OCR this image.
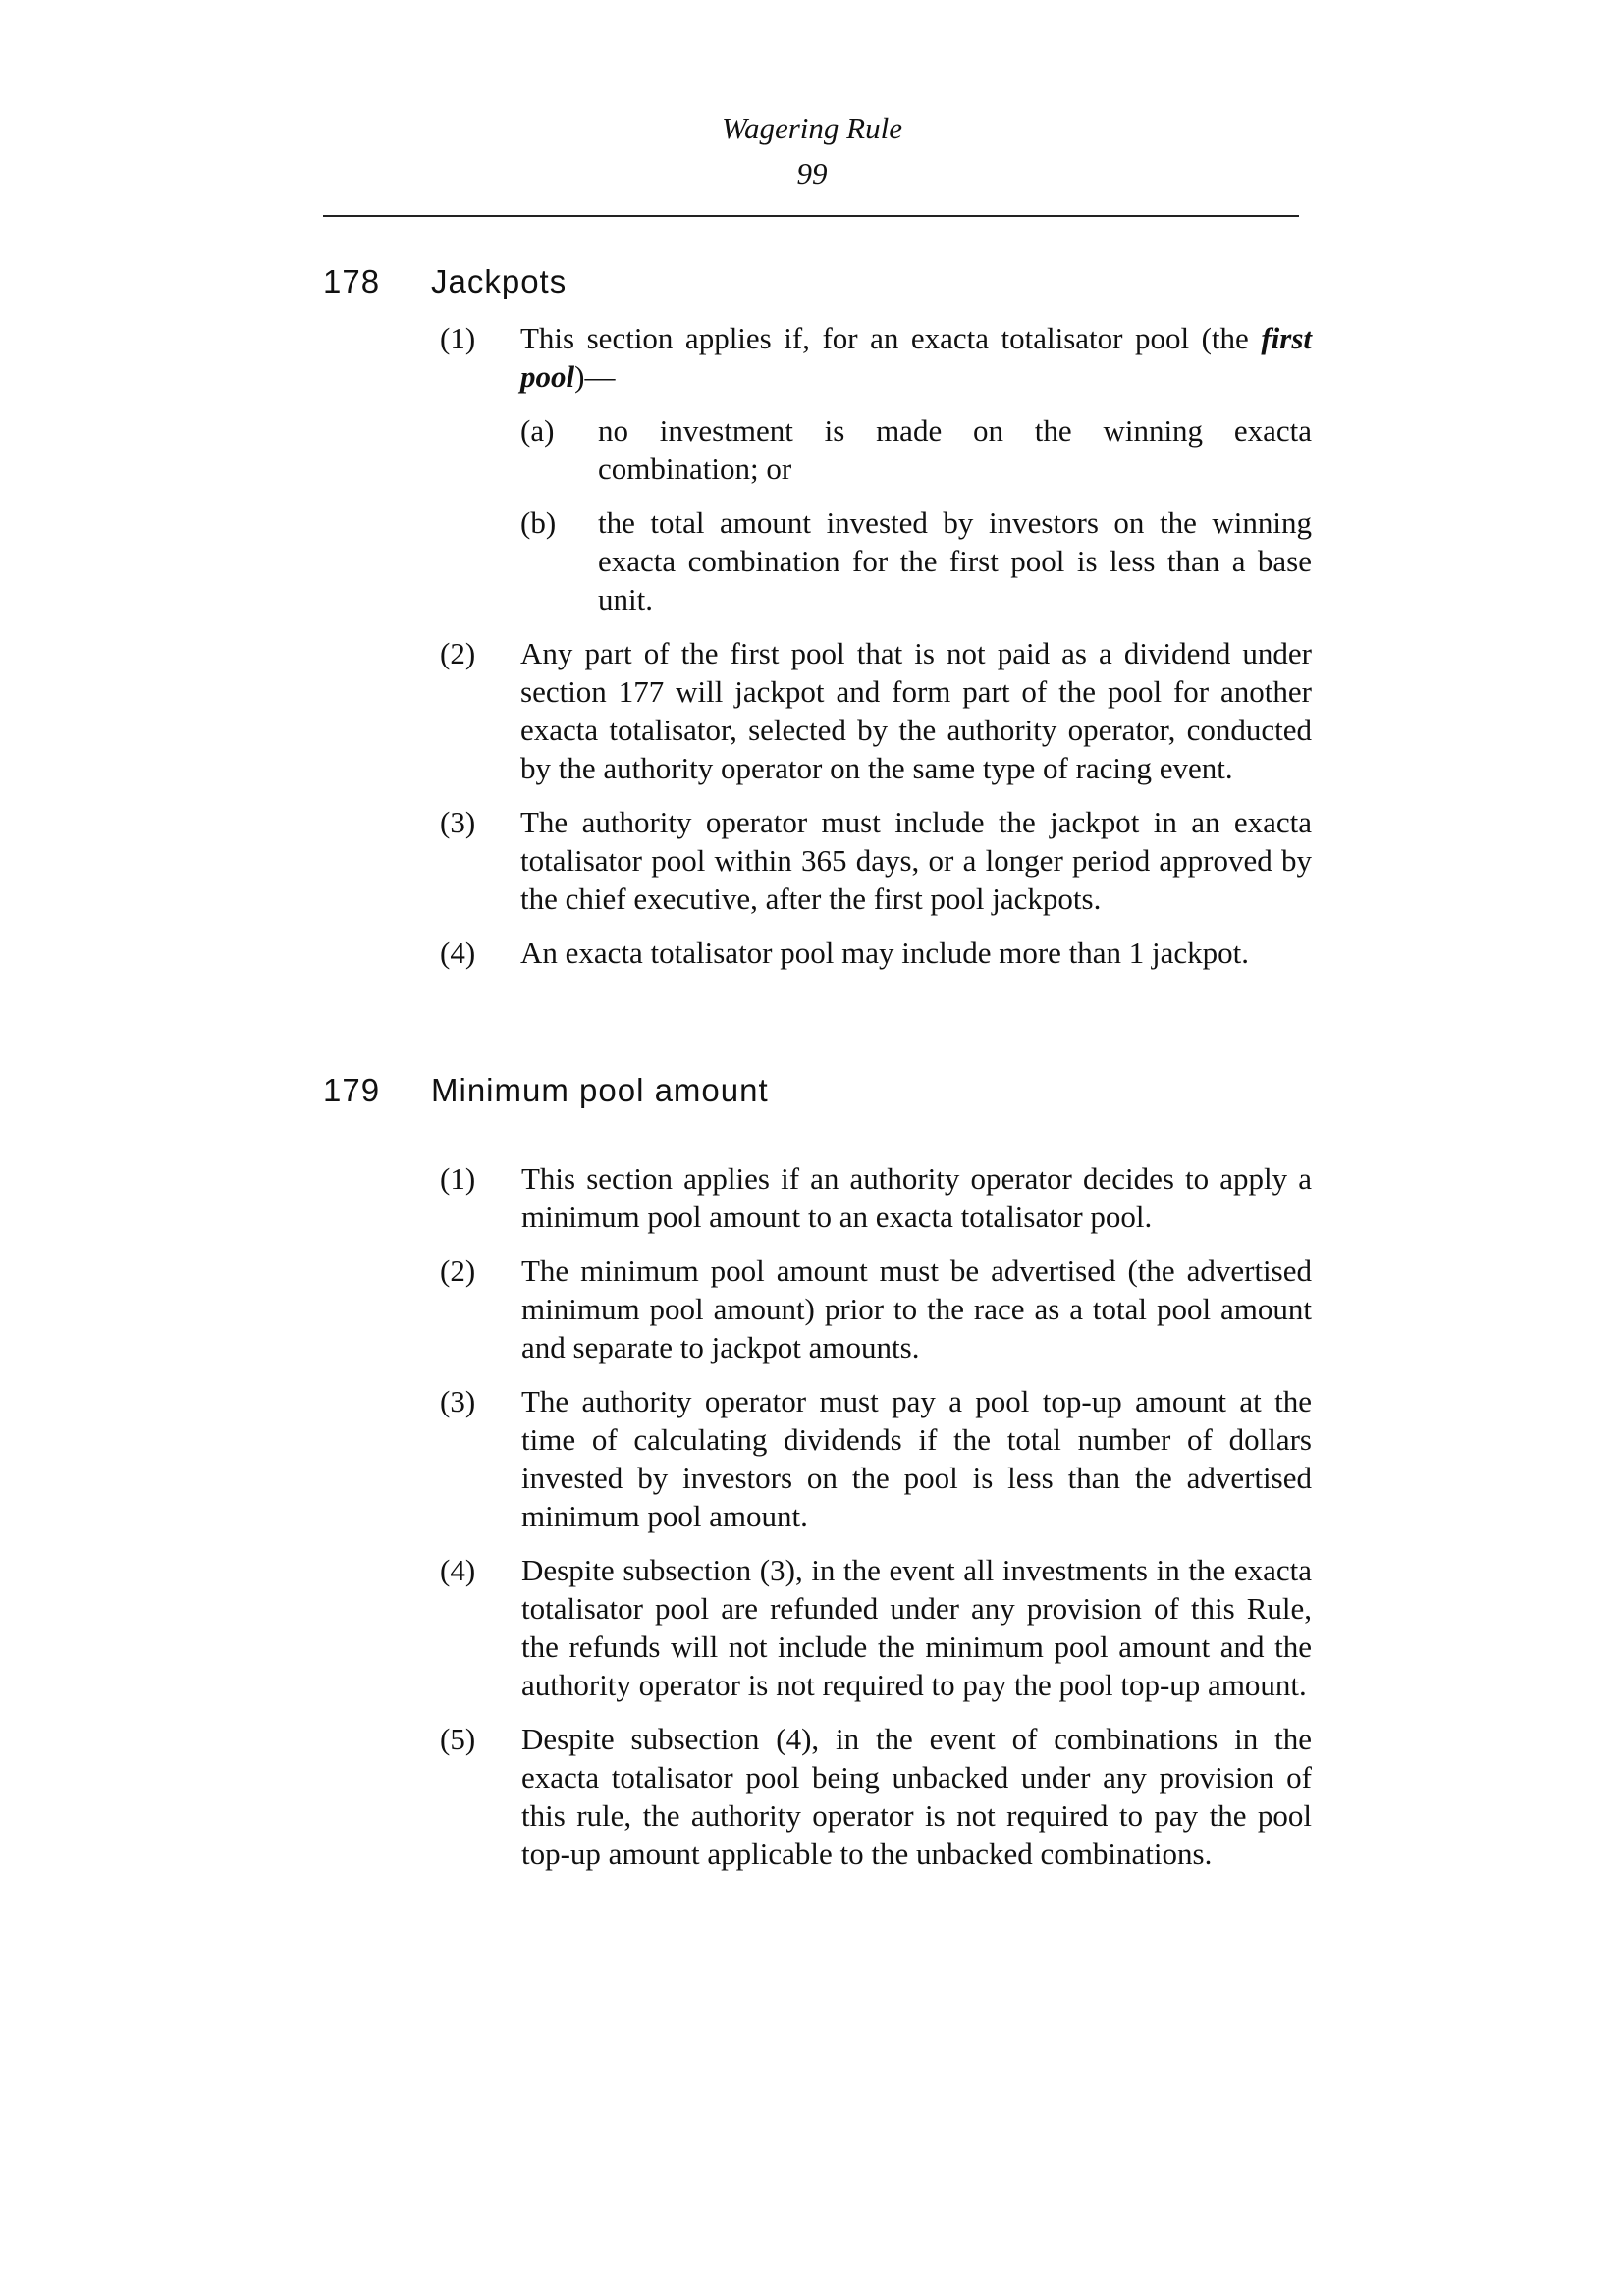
Wagering Rule
99
178 Jackpots
(1)	This section applies if, for an exacta totalisator pool (the first pool)—
(a)	no investment is made on the winning exacta combination; or
(b)	the total amount invested by investors on the winning exacta combination for the first pool is less than a base unit.
(2)	Any part of the first pool that is not paid as a dividend under section 177 will jackpot and form part of the pool for another exacta totalisator, selected by the authority operator, conducted by the authority operator on the same type of racing event.
(3)	The authority operator must include the jackpot in an exacta totalisator pool within 365 days, or a longer period approved by the chief executive, after the first pool jackpots.
(4)	An exacta totalisator pool may include more than 1 jackpot.
179 Minimum pool amount
(1)	This section applies if an authority operator decides to apply a minimum pool amount to an exacta totalisator pool.
(2)	The minimum pool amount must be advertised (the advertised minimum pool amount) prior to the race as a total pool amount and separate to jackpot amounts.
(3)	The authority operator must pay a pool top-up amount at the time of calculating dividends if the total number of dollars invested by investors on the pool is less than the advertised minimum pool amount.
(4)	Despite subsection (3), in the event all investments in the exacta totalisator pool are refunded under any provision of this Rule, the refunds will not include the minimum pool amount and the authority operator is not required to pay the pool top-up amount.
(5)	Despite subsection (4), in the event of combinations in the exacta totalisator pool being unbacked under any provision of this rule, the authority operator is not required to pay the pool top-up amount applicable to the unbacked combinations.
